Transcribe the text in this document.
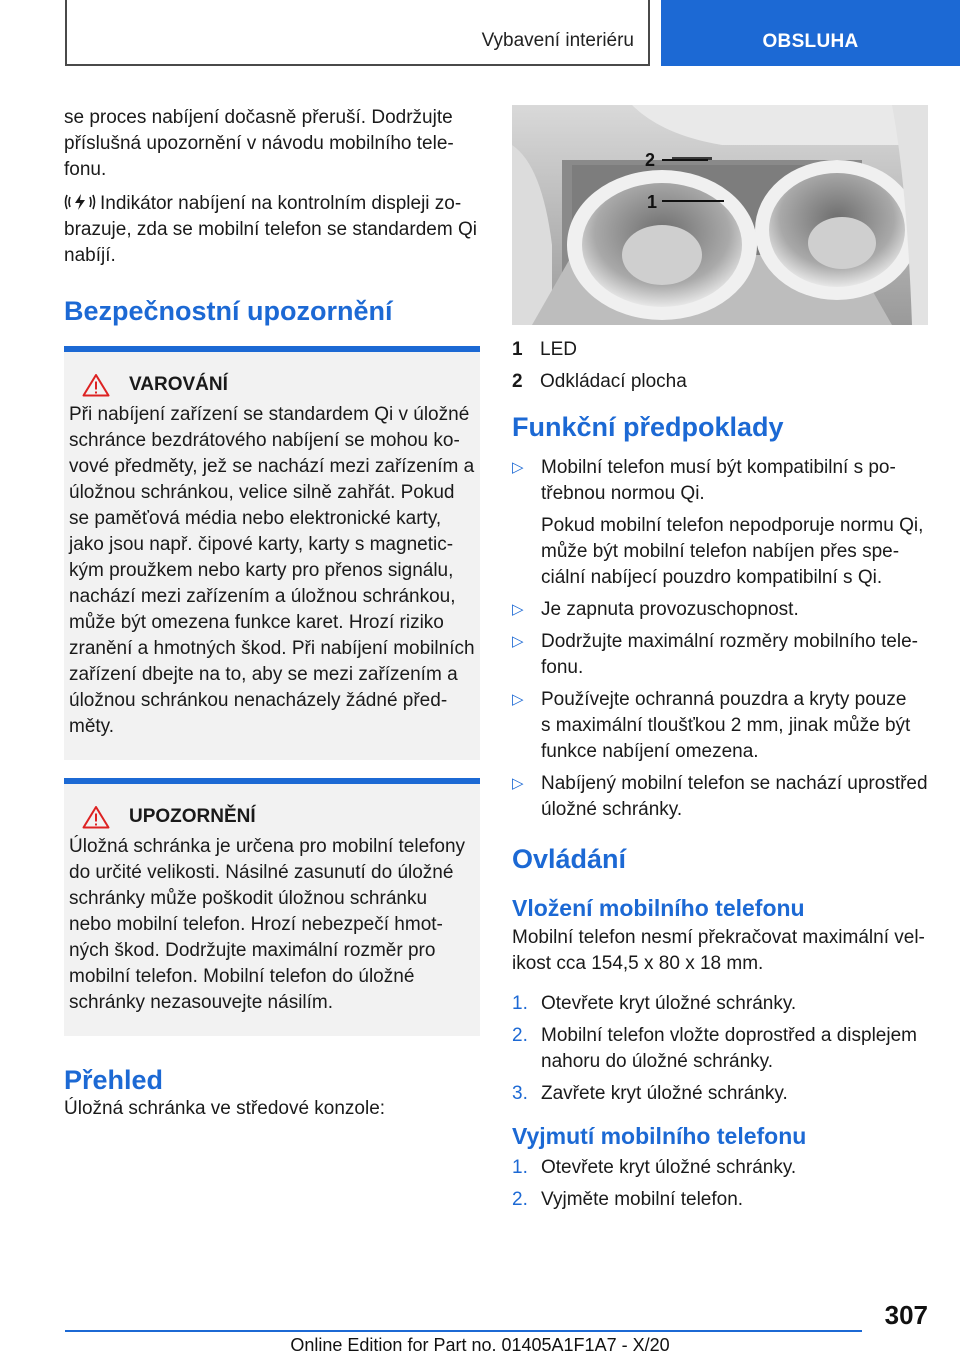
Vybavení interiéru	OBSLUHA
se proces nabíjení dočasně přeruší. Dodržujte
příslušná upozornění v návodu mobilního tele-
fonu.
Indikátor nabíjení na kontrolním displeji zo-
brazuje, zda se mobilní telefon se standardem Qi
nabíjí.
Bezpečnostní upozornění
VAROVÁNÍ
Při nabíjení zařízení se standardem Qi v úložné
schránce bezdrátového nabíjení se mohou ko-
vové předměty, jež se nachází mezi zařízením a
úložnou schránkou, velice silně zahřát. Pokud
se paměťová média nebo elektronické karty,
jako jsou např. čipové karty, karty s magnetic-
kým proužkem nebo karty pro přenos signálu,
nachází mezi zařízením a úložnou schránkou,
může být omezena funkce karet. Hrozí riziko
zranění a hmotných škod. Při nabíjení mobilních
zařízení dbejte na to, aby se mezi zařízením a
úložnou schránkou nenacházely žádné před-
měty.
UPOZORNĚNÍ
Úložná schránka je určena pro mobilní telefony
do určité velikosti. Násilné zasunutí do úložné
schránky může poškodit úložnou schránku
nebo mobilní telefon. Hrozí nebezpečí hmot-
ných škod. Dodržujte maximální rozměr pro
mobilní telefon. Mobilní telefon do úložné
schránky nezasouvejte násilím.
Přehled
Úložná schránka ve středové konzole:
2
1
1 LED
2 Odkládací plocha
Funkční předpoklady
▷ Mobilní telefon musí být kompatibilní s po-
třebnou normou Qi.
Pokud mobilní telefon nepodporuje normu Qi,
může být mobilní telefon nabíjen přes spe-
ciální nabíjecí pouzdro kompatibilní s Qi.
▷ Je zapnuta provozuschopnost.
▷ Dodržujte maximální rozměry mobilního tele-
fonu.
▷ Používejte ochranná pouzdra a kryty pouze
s maximální tloušťkou 2 mm, jinak může být
funkce nabíjení omezena.
▷ Nabíjený mobilní telefon se nachází uprostřed
úložné schránky.
Ovládání
Vložení mobilního telefonu
Mobilní telefon nesmí překračovat maximální vel-
ikost cca 154,5 x 80 x 18 mm.
1. Otevřete kryt úložné schránky.
2. Mobilní telefon vložte doprostřed a displejem
nahoru do úložné schránky.
3. Zavřete kryt úložné schránky.
Vyjmutí mobilního telefonu
1. Otevřete kryt úložné schránky.
2. Vyjměte mobilní telefon.
307
Online Edition for Part no. 01405A1F1A7 - X/20
